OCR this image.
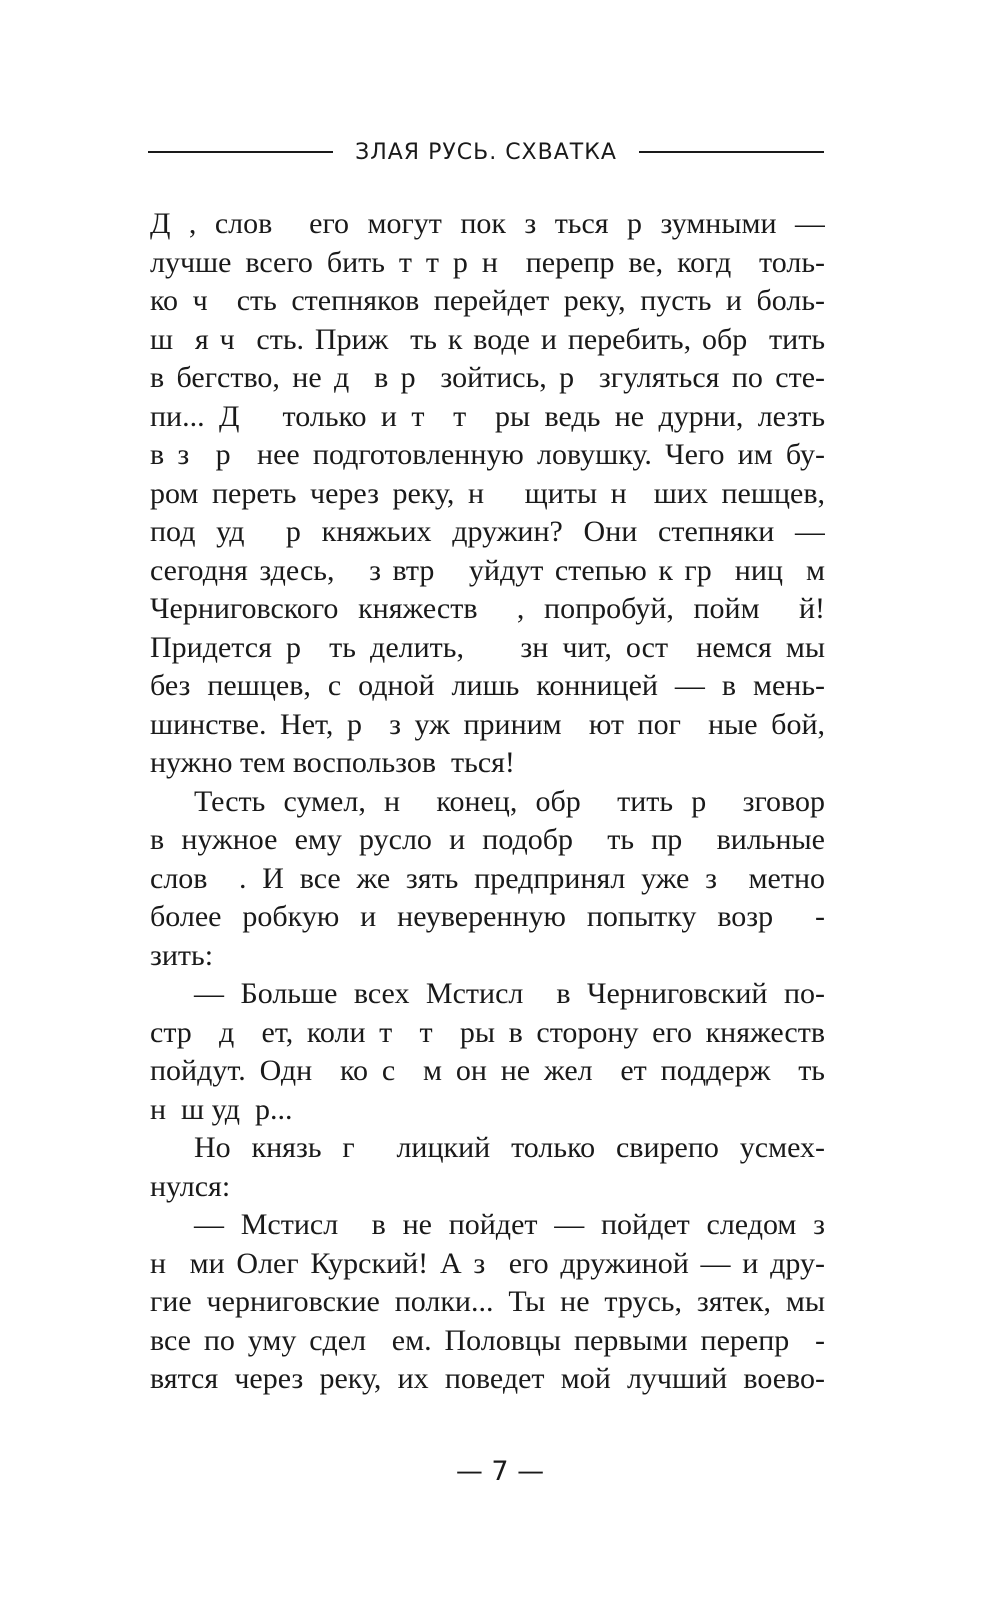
ЗЛАЯ РУСЬ. СХВАТКА
Д , слов  его могут пок з ться р зумными —
лучше всего бить т т р н  перепр ве, когд  толь-
ко ч  сть степняков перейдет реку, пусть и боль-
ш  я ч  сть. Приж  ть к воде и перебить, обр  тить
в бегство, не д  в р  зойтись, р  згуляться по сте-
пи... Д   только и т  т  ры ведь не дурни, лезть
в з  р  нее подготовленную ловушку. Чего им бу-
ром переть через реку, н   щиты н  ших пешцев,
под уд  р княжьих дружин? Они степняки —
сегодня здесь,   з втр   уйдут степью к гр  ниц  м
Черниговского княжеств  , попробуй, пойм  й!
Придется р  ть делить,    зн чит, ост  немся мы
без пешцев, с одной лишь конницей — в мень-
шинстве. Нет, р  з уж приним  ют пог  ные бой,
нужно тем воспользов  ться!
Тесть сумел, н  конец, обр  тить р  зговор
в нужное ему русло и подобр  ть пр  вильные
слов  . И все же зять предпринял уже з  метно
более робкую и неуверенную попытку возр  -
зить:
— Больше всех Мстисл  в Черниговский по-
стр  д  ет, коли т  т  ры в сторону его княжеств
пойдут. Одн  ко с  м он не жел  ет поддерж  ть
н  ш уд  р...
Но князь г  лицкий только свирепо усмех-
нулся:
— Мстисл  в не пойдет — пойдет следом з
н  ми Олег Курский! А з  его дружиной — и дру-
гие черниговские полки... Ты не трусь, зятек, мы
все по уму сдел  ем. Половцы первыми перепр  -
вятся через реку, их поведет мой лучший воево-
— 7 —
